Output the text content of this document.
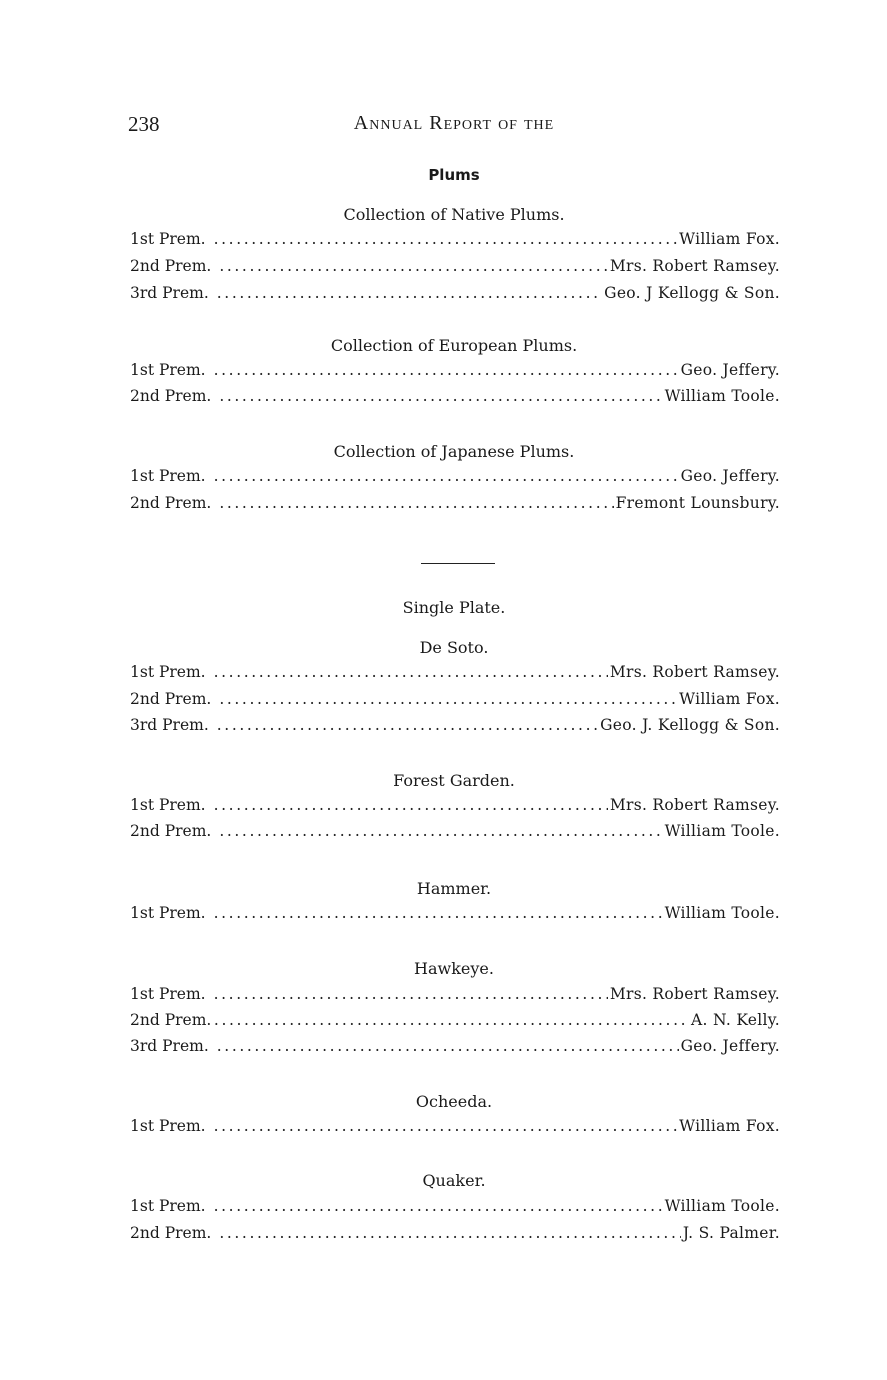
238	Annual Report of the
Plums
Collection of Native Plums.
1st Prem. .....	William Fox.
2nd Prem. .....	Mrs. Robert Ramsey.
3rd Prem. .....	Geo. J Kellogg & Son.
Collection of European Plums.
1st Prem. .....	Geo. Jeffery.
2nd Prem. .....	William Toole.
Collection of Japanese Plums.
1st Prem. .....	Geo. Jeffery.
2nd Prem. .....	Fremont Lounsbury.
Single Plate.
De Soto.
1st Prem. .....	Mrs. Robert Ramsey.
2nd Prem. .....	William Fox.
3rd Prem. .....	Geo. J. Kellogg & Son.
Forest Garden.
1st Prem. .....	Mrs. Robert Ramsey.
2nd Prem. .....	William Toole.
Hammer.
1st Prem. .....	William Toole.
Hawkeye.
1st Prem. .....	Mrs. Robert Ramsey.
2nd Prem .....	A. N. Kelly.
3rd Prem. .....	Geo. Jeffery.
Ocheeda.
1st Prem. .....	William Fox.
Quaker.
1st Prem. .....	William Toole.
2nd Prem. .....	J. S. Palmer.
